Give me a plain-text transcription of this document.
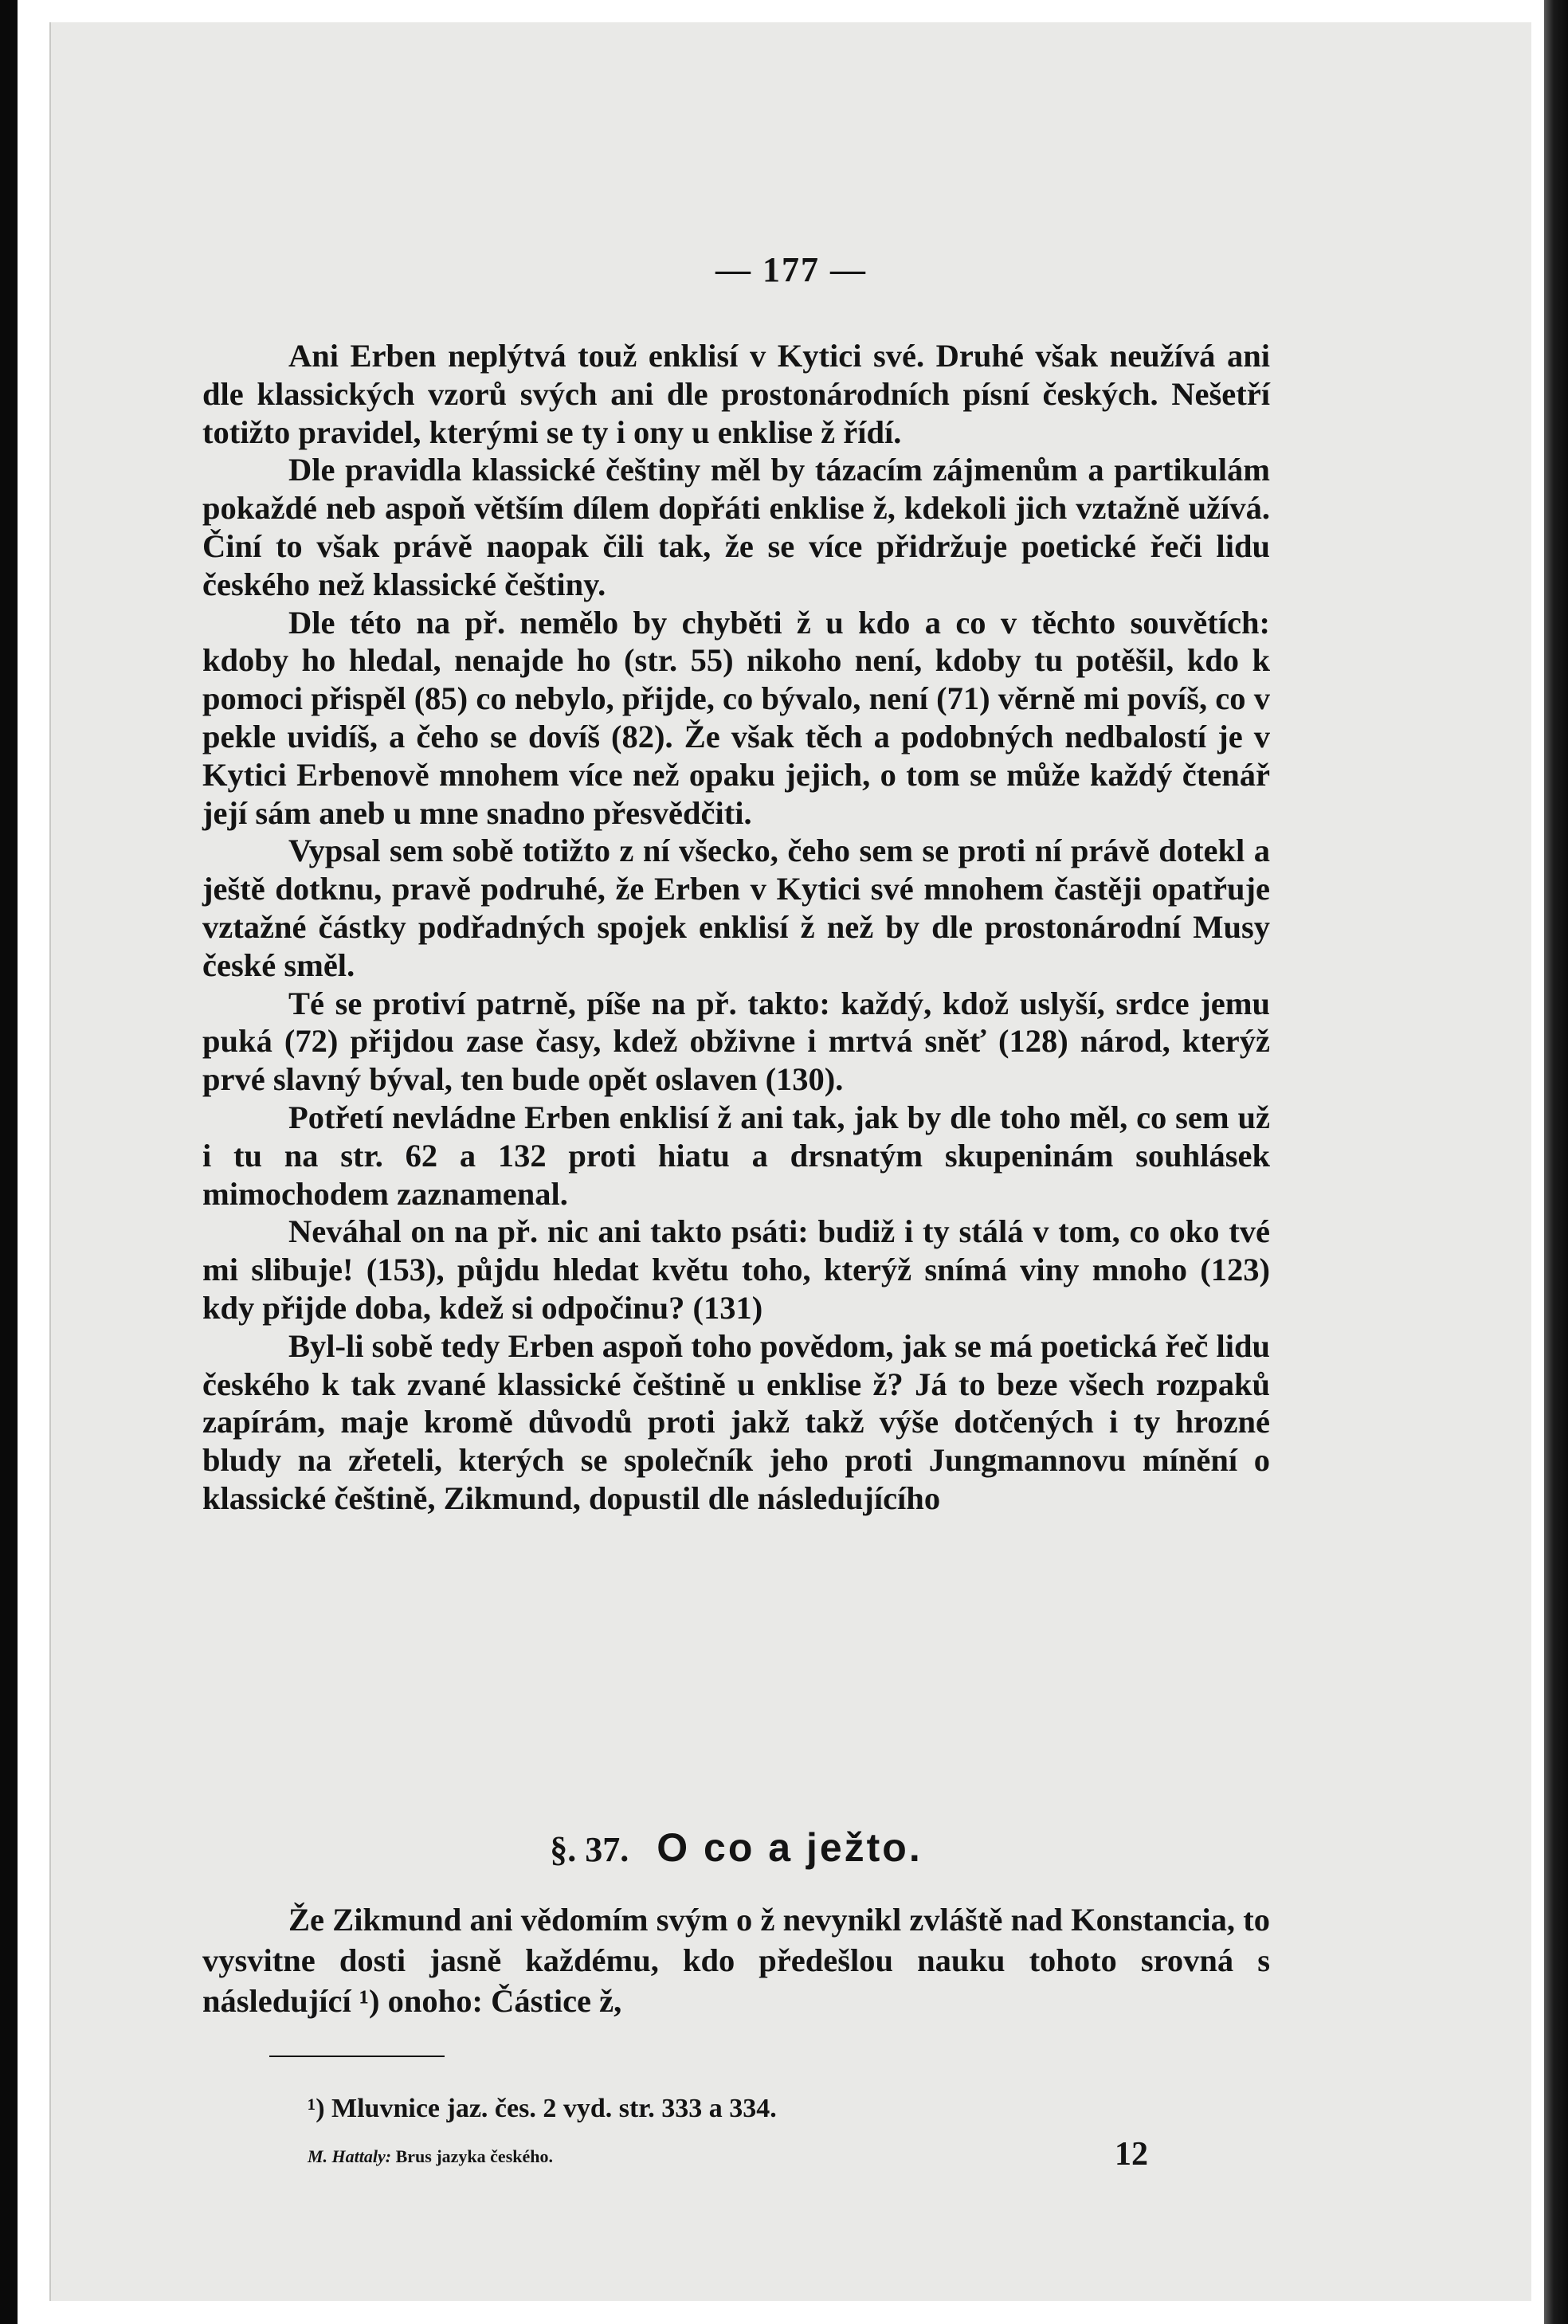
— 177 —

Ani Erben neplýtvá touž enklisí v Kytici své. Druhé však neužívá ani dle klassických vzorů svých ani dle prostonárodních písní českých. Nešetří totižto pravidel, kterými se ty i ony u enklise ž řídí.

Dle pravidla klassické češtiny měl by tázacím zájmenům a partikulám pokaždé neb aspoň větším dílem dopřáti enklise ž, kdekoli jich vztažně užívá. Činí to však právě naopak čili tak, že se více přidržuje poetické řeči lidu českého než klassické češtiny.

Dle této na př. nemělo by chyběti ž u kdo a co v těchto souvětích: kdoby ho hledal, nenajde ho (str. 55) nikoho není, kdoby tu potěšil, kdo k pomoci přispěl (85) co nebylo, přijde, co bývalo, není (71) věrně mi povíš, co v pekle uvidíš, a čeho se dovíš (82). Že však těch a podobných nedbalostí je v Kytici Erbenově mnohem více než opaku jejich, o tom se může každý čtenář její sám aneb u mne snadno přesvědčiti.

Vypsal sem sobě totižto z ní všecko, čeho sem se proti ní právě dotekl a ještě dotknu, pravě podruhé, že Erben v Kytici své mnohem častěji opatřuje vztažné částky podřadných spojek enklisí ž než by dle prostonárodní Musy české směl.

Té se protiví patrně, píše na př. takto: každý, kdož uslyší, srdce jemu puká (72) přijdou zase časy, kdež obživne i mrtvá sněť (128) národ, kterýž prvé slavný býval, ten bude opět oslaven (130).

Potřetí nevládne Erben enklisí ž ani tak, jak by dle toho měl, co sem už i tu na str. 62 a 132 proti hiatu a drsnatým skupeninám souhlásek mimochodem zaznamenal.

Neváhal on na př. nic ani takto psáti: budiž i ty stálá v tom, co oko tvé mi slibuje! (153), půjdu hledat květu toho, kterýž snímá viny mnoho (123) kdy přijde doba, kdež si odpočinu? (131)

Byl-li sobě tedy Erben aspoň toho povědom, jak se má poetická řeč lidu českého k tak zvané klassické češtině u enklise ž? Já to beze všech rozpaků zapírám, maje kromě důvodů proti jakž takž výše dotčených i ty hrozné bludy na zřeteli, kterých se společník jeho proti Jungmannovu mínění o klassické češtině, Zikmund, dopustil dle následujícího

§. 37. O co a ježto.

Že Zikmund ani vědomím svým o ž nevynikl zvláště nad Konstancia, to vysvitne dosti jasně každému, kdo předešlou nauku tohoto srovná s následující ¹) onoho: Částice ž,

¹) Mluvnice jaz. čes. 2 vyd. str. 333 a 334.
M. Hattaly: Brus jazyka českého.	12
